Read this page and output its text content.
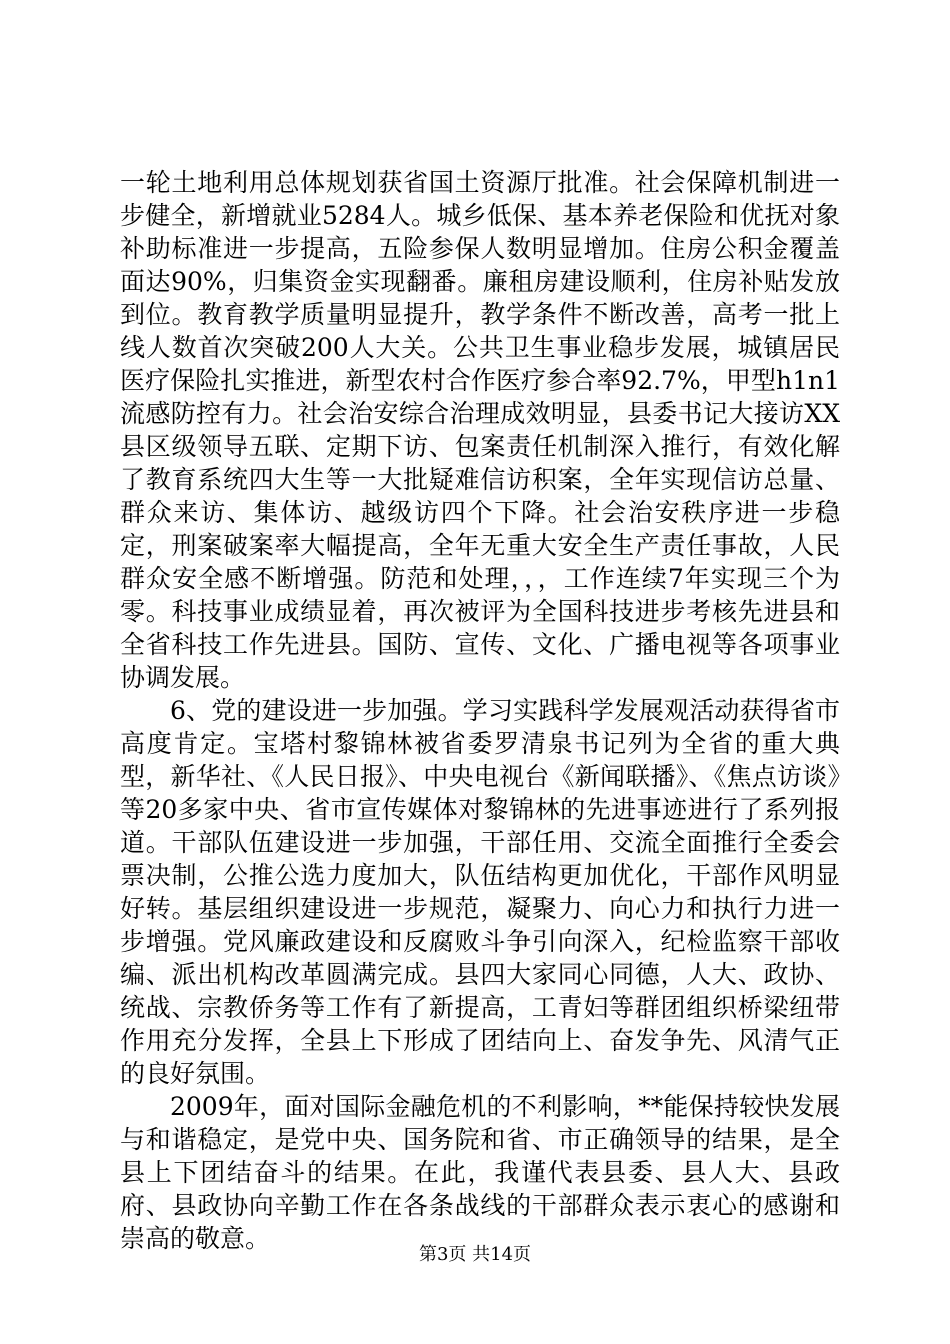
一轮土地利用总体规划获省国土资源厅批准。社会保障机制进一步健全，新增就业5284人。城乡低保、基本养老保险和优抚对象补助标准进一步提高，五险参保人数明显增加。住房公积金覆盖面达90%，归集资金实现翻番。廉租房建设顺利，住房补贴发放到位。教育教学质量明显提升，教学条件不断改善，高考一批上线人数首次突破200人大关。公共卫生事业稳步发展，城镇居民医疗保险扎实推进，新型农村合作医疗参合率92.7%，甲型h1n1流感防控有力。社会治安综合治理成效明显，县委书记大接访XX县区级领导五联、定期下访、包案责任机制深入推行，有效化解了教育系统四大生等一大批疑难信访积案，全年实现信访总量、群众来访、集体访、越级访四个下降。社会治安秩序进一步稳定，刑案破案率大幅提高，全年无重大安全生产责任事故，人民群众安全感不断增强。防范和处理，，，工作连续7年实现三个为零。科技事业成绩显着，再次被评为全国科技进步考核先进县和全省科技工作先进县。国防、宣传、文化、广播电视等各项事业协调发展。

6、党的建设进一步加强。学习实践科学发展观活动获得省市高度肯定。宝塔村黎锦林被省委罗清泉书记列为全省的重大典型，新华社、《人民日报》、中央电视台《新闻联播》、《焦点访谈》等20多家中央、省市宣传媒体对黎锦林的先进事迹进行了系列报道。干部队伍建设进一步加强，干部任用、交流全面推行全委会票决制，公推公选力度加大，队伍结构更加优化，干部作风明显好转。基层组织建设进一步规范，凝聚力、向心力和执行力进一步增强。党风廉政建设和反腐败斗争引向深入，纪检监察干部收编、派出机构改革圆满完成。县四大家同心同德，人大、政协、统战、宗教侨务等工作有了新提高，工青妇等群团组织桥梁纽带作用充分发挥，全县上下形成了团结向上、奋发争先、风清气正的良好氛围。

2009年，面对国际金融危机的不利影响，**能保持较快发展与和谐稳定，是党中央、国务院和省、市正确领导的结果，是全县上下团结奋斗的结果。在此，我谨代表县委、县人大、县政府、县政协向辛勤工作在各条战线的干部群众表示衷心的感谢和崇高的敬意。

第3页 共14页
